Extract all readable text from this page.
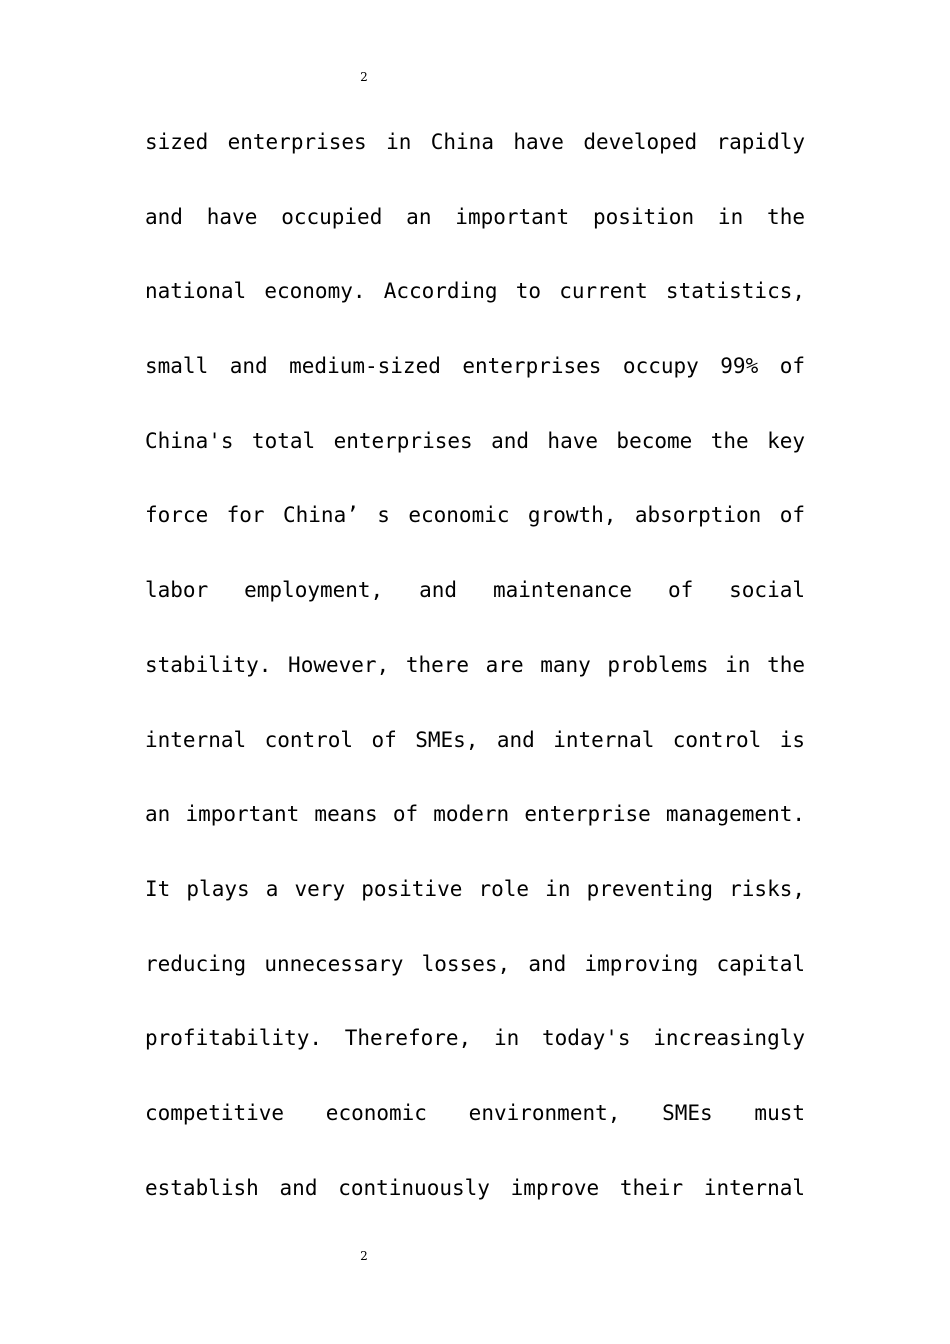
2
sized enterprises in China have developed rapidly
and have occupied an important position in the
national economy. According to current statistics,
small and medium-sized enterprises occupy 99% of
China's total enterprises and have become the key
force for China’ s economic growth, absorption of
labor employment, and maintenance of social
stability. However, there are many problems in the
internal control of SMEs, and internal control is
an important means of modern enterprise management.
It plays a very positive role in preventing risks,
reducing unnecessary losses, and improving capital
profitability. Therefore, in today's increasingly
competitive economic environment, SMEs must
establish and continuously improve their internal
2
